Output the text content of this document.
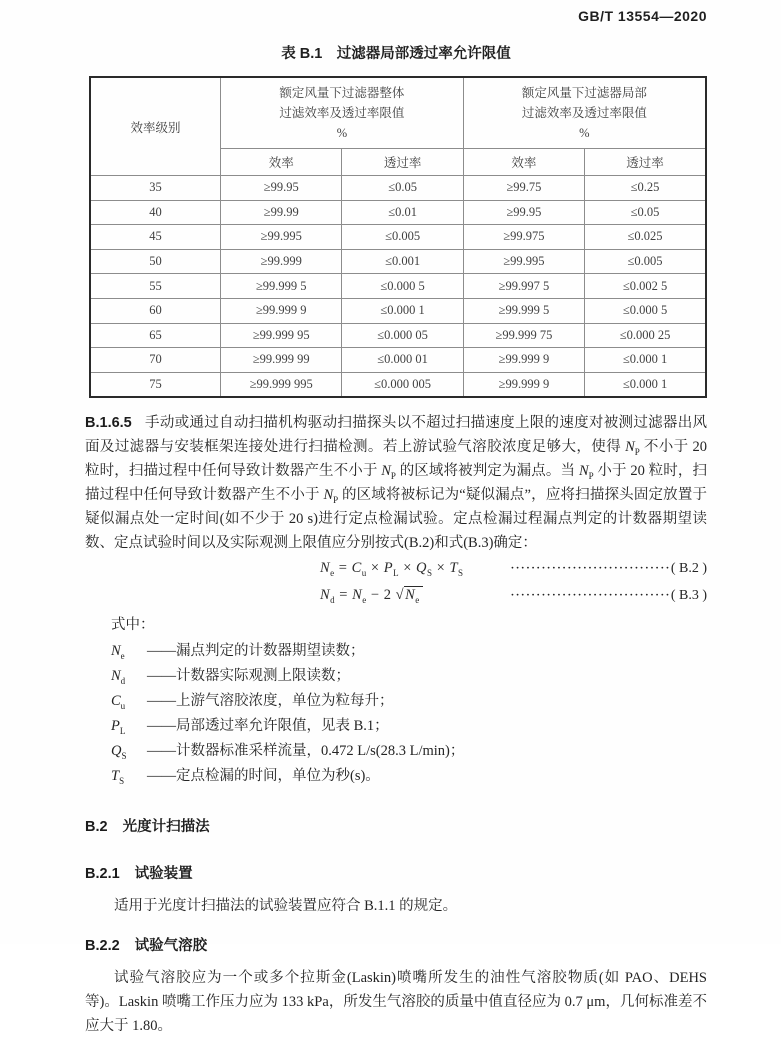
GB/T 13554—2020
表 B.1　过滤器局部透过率允许限值
效率级别	
额定风量下过滤器整体
过滤效率及透过率限值
%

额定风量下过滤器局部
过滤效率及透过率限值
%

	效率	透过率	效率	透过率
35	≥99.95	≤0.05	≥99.75	≤0.25
40	≥99.99	≤0.01	≥99.95	≤0.05
45	≥99.995	≤0.005	≥99.975	≤0.025
50	≥99.999	≤0.001	≥99.995	≤0.005
55	≥99.999 5	≤0.000 5	≥99.997 5	≤0.002 5
60	≥99.999 9	≤0.000 1	≥99.999 5	≤0.000 5
65	≥99.999 95	≤0.000 05	≥99.999 75	≤0.000 25
70	≥99.999 99	≤0.000 01	≥99.999 9	≤0.000 1
75	≥99.999 995	≤0.000 005	≥99.999 9	≤0.000 1

B.1.6.5 手动或通过自动扫描机构驱动扫描探头以不超过扫描速度上限的速度对被测过滤器出风面及过滤器与安装框架连接处进行扫描检测。若上游试验气溶胶浓度足够大，使得 $N_P$ 不小于 20 粒时，扫描过程中任何导致计数器产生不小于 $N_P$ 的区域将被判定为漏点。当 $N_P$ 小于 20 粒时，扫描过程中任何导致计数器产生不小于 $N_P$ 的区域将被标记为“疑似漏点”，应将扫描探头固定放置于疑似漏点处一定时间(如不少于 20 s)进行定点检漏试验。定点检漏过程漏点判定的计数器期望读数、定点试验时间以及实际观测上限值应分别按式(B.2)和式(B.3)确定：

$N_e = C_u \times P_L \times Q_S \times T_S$	·······························( B.2 )
$N_d = N_e - 2$ $√N_e$	·······························( B.3 )
式中：
$N_e$ ——漏点判定的计数器期望读数；
$N_d$ ——计数器实际观测上限读数；
$C_u$ ——上游气溶胶浓度，单位为粒每升；
$P_L$ ——局部透过率允许限值，见表 B.1；
$Q_S$ ——计数器标准采样流量，0.472 L/s(28.3 L/min)；
$T_S$ ——定点检漏的时间，单位为秒(s)。
B.2 光度计扫描法
B.2.1 试验装置

适用于光度计扫描法的试验装置应符合 B.1.1 的规定。

B.2.2 试验气溶胶

试验气溶胶应为一个或多个拉斯金(Laskin)喷嘴所发生的油性气溶胶物质(如 PAO、DEHS 等)。Laskin 喷嘴工作压力应为 133 kPa，所发生气溶胶的质量中值直径应为 0.7 μm，几何标准差不应大于 1.80。
